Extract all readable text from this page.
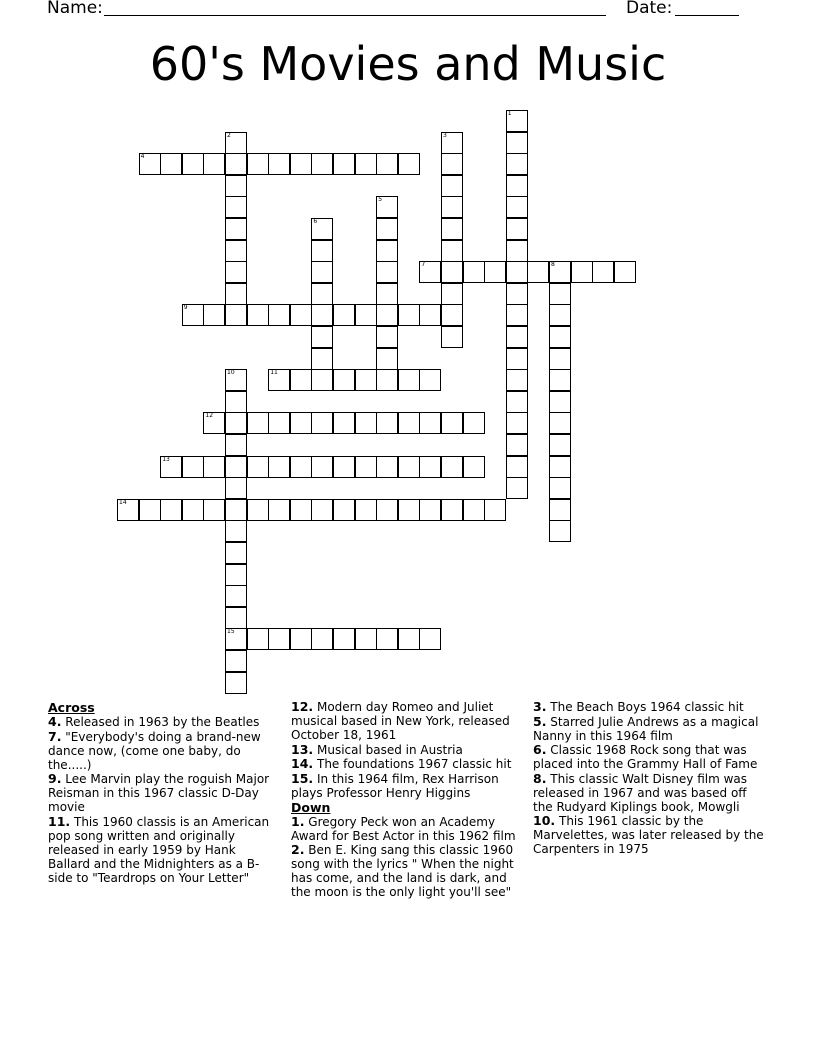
Name:	Date:
60's Movies and Music
1
2	3
4
5
6
7	8
9
10
15
11
12
13
14
Across
4. Released in 1963 by the Beatles
7. "Everybody's doing a brand-new dance now, (come one baby, do the.....)
9. Lee Marvin play the roguish Major Reisman in this 1967 classic D-Day movie
11. This 1960 classis is an American pop song written and originally released in early 1959 by Hank Ballard and the Midnighters as a B-side to "Teardrops on Your Letter"
12. Modern day Romeo and Juliet musical based in New York, released October 18, 1961
13. Musical based in Austria
14. The foundations 1967 classic hit
15. In this 1964 film, Rex Harrison plays Professor Henry Higgins
Down
1. Gregory Peck won an Academy Award for Best Actor in this 1962 film
2. Ben E. King sang this classic 1960 song with the lyrics " When the night has come, and the land is dark, and the moon is the only light you'll see"
3. The Beach Boys 1964 classic hit
5. Starred Julie Andrews as a magical Nanny in this 1964 film
6. Classic 1968 Rock song that was placed into the Grammy Hall of Fame
8. This classic Walt Disney film was released in 1967 and was based off the Rudyard Kiplings book, Mowgli
10. This 1961 classic by the Marvelettes, was later released by the Carpenters in 1975
